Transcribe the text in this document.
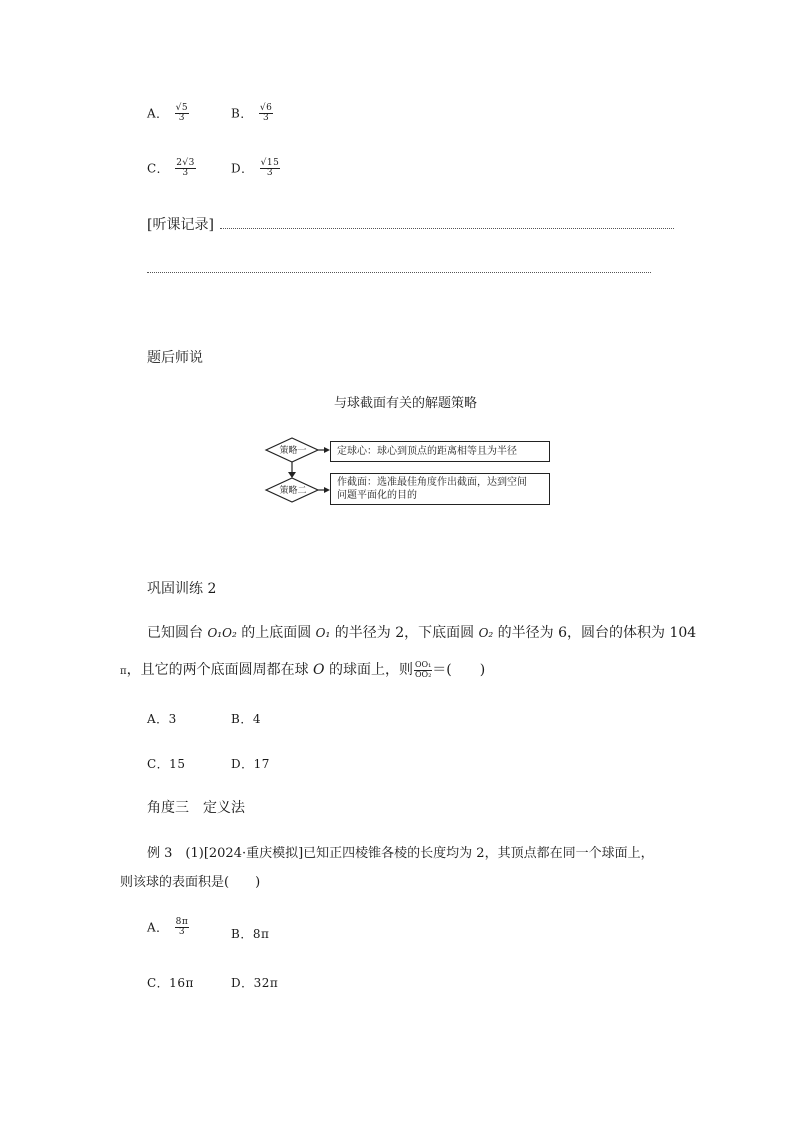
A． $\frac{√5}{3}$	B． $\frac{√6}{3}$
C． $\frac{2√3}{3}$	D． $\frac{√15}{3}$
[听课记录]
题后师说
与球截面有关的解题策略
策略一
策略二
定球心：球心到顶点的距离相等且为半径
作截面：选准最佳角度作出截面，达到空间
问题平面化的目的
巩固训练 2
已知圆台 O₁O₂ 的上底面圆 O₁ 的半径为 2，下底面圆 O₂ 的半径为 6，圆台的体积为 104
π，且它的两个底面圆周都在球 O 的球面上，则 $\frac{\text{OO₁}}{\text{OO₂}}$ ＝(　　)
A．3	B．4
C．15	D．17
角度三　定义法
例 3　(1)[2024·重庆模拟]已知正四棱锥各棱的长度均为 2，其顶点都在同一个球面上，
则该球的表面积是(　　)
A． $\frac{8\pi}{3}$	B．8π
C．16π	D．32π
